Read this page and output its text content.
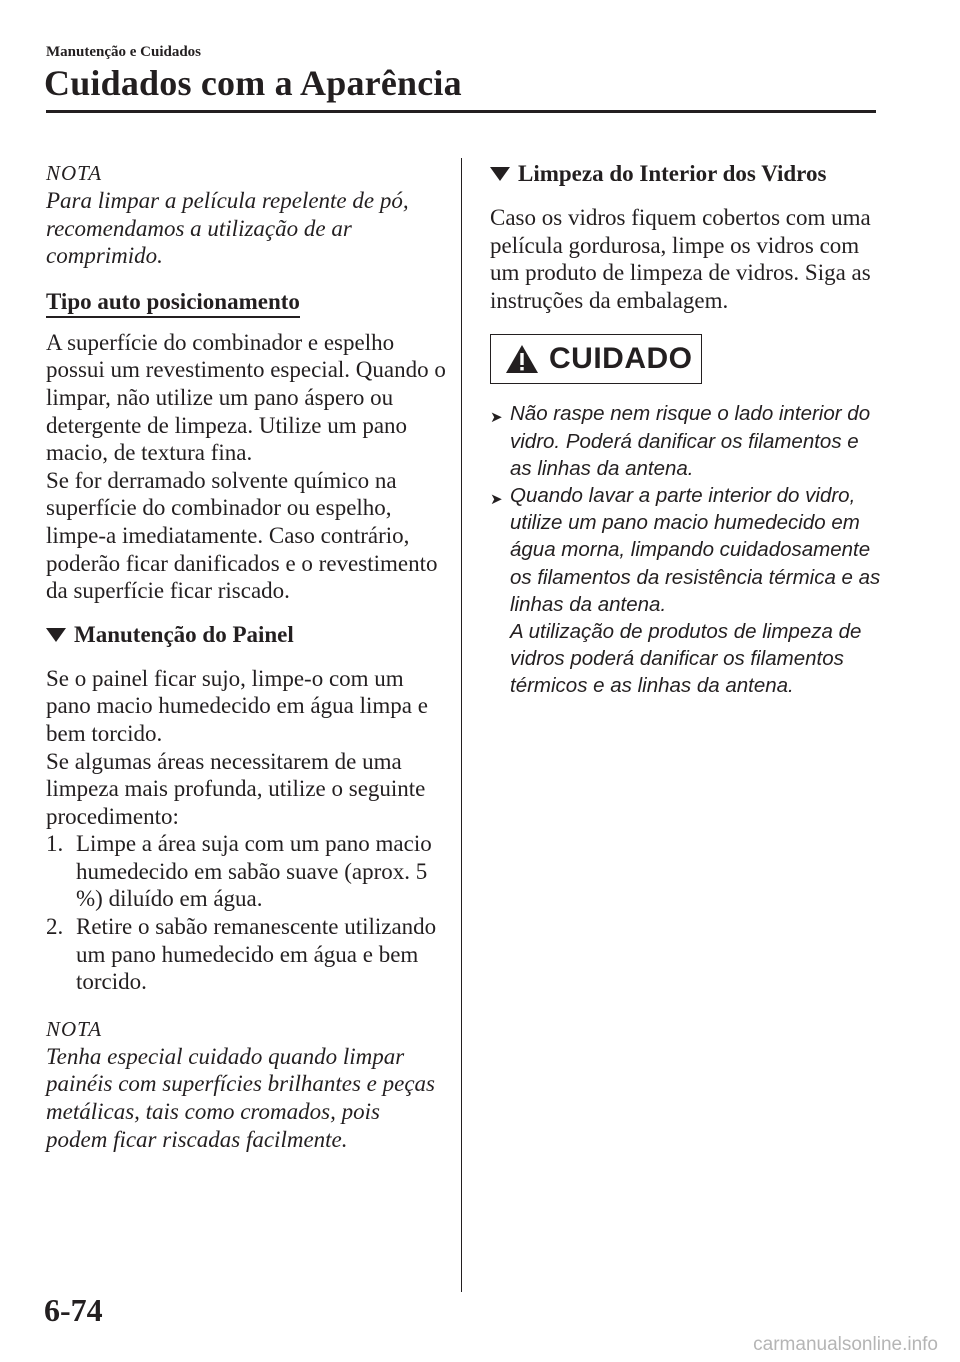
Manutenção e Cuidados
Cuidados com a Aparência

NOTA

Para limpar a película repelente de pó, recomendamos a utilização de ar comprimido.

Tipo auto posicionamento

A superfície do combinador e espelho possui um revestimento especial. Quando o limpar, não utilize um pano áspero ou detergente de limpeza. Utilize um pano macio, de textura fina.

Se for derramado solvente químico na superfície do combinador ou espelho, limpe-a imediatamente. Caso contrário, poderão ficar danificados e o revestimento da superfície ficar riscado.

Manutenção do Painel

Se o painel ficar sujo, limpe-o com um pano macio humedecido em água limpa e bem torcido.

Se algumas áreas necessitarem de uma limpeza mais profunda, utilize o seguinte procedimento:

1. Limpe a área suja com um pano macio humedecido em sabão suave (aprox. 5 %) diluído em água.
2. Retire o sabão remanescente utilizando um pano humedecido em água e bem torcido.

NOTA

Tenha especial cuidado quando limpar painéis com superfícies brilhantes e peças metálicas, tais como cromados, pois podem ficar riscadas facilmente.

Limpeza do Interior dos Vidros

Caso os vidros fiquem cobertos com uma película gordurosa, limpe os vidros com um produto de limpeza de vidros. Siga as instruções da embalagem.

CUIDADO
➤ Não raspe nem risque o lado interior do vidro. Poderá danificar os filamentos e as linhas da antena.
➤ Quando lavar a parte interior do vidro, utilize um pano macio humedecido em água morna, limpando cuidadosamente os filamentos da resistência térmica e as linhas da antena.
A utilização de produtos de limpeza de vidros poderá danificar os filamentos térmicos e as linhas da antena.
6-74
carmanualsonline.info
